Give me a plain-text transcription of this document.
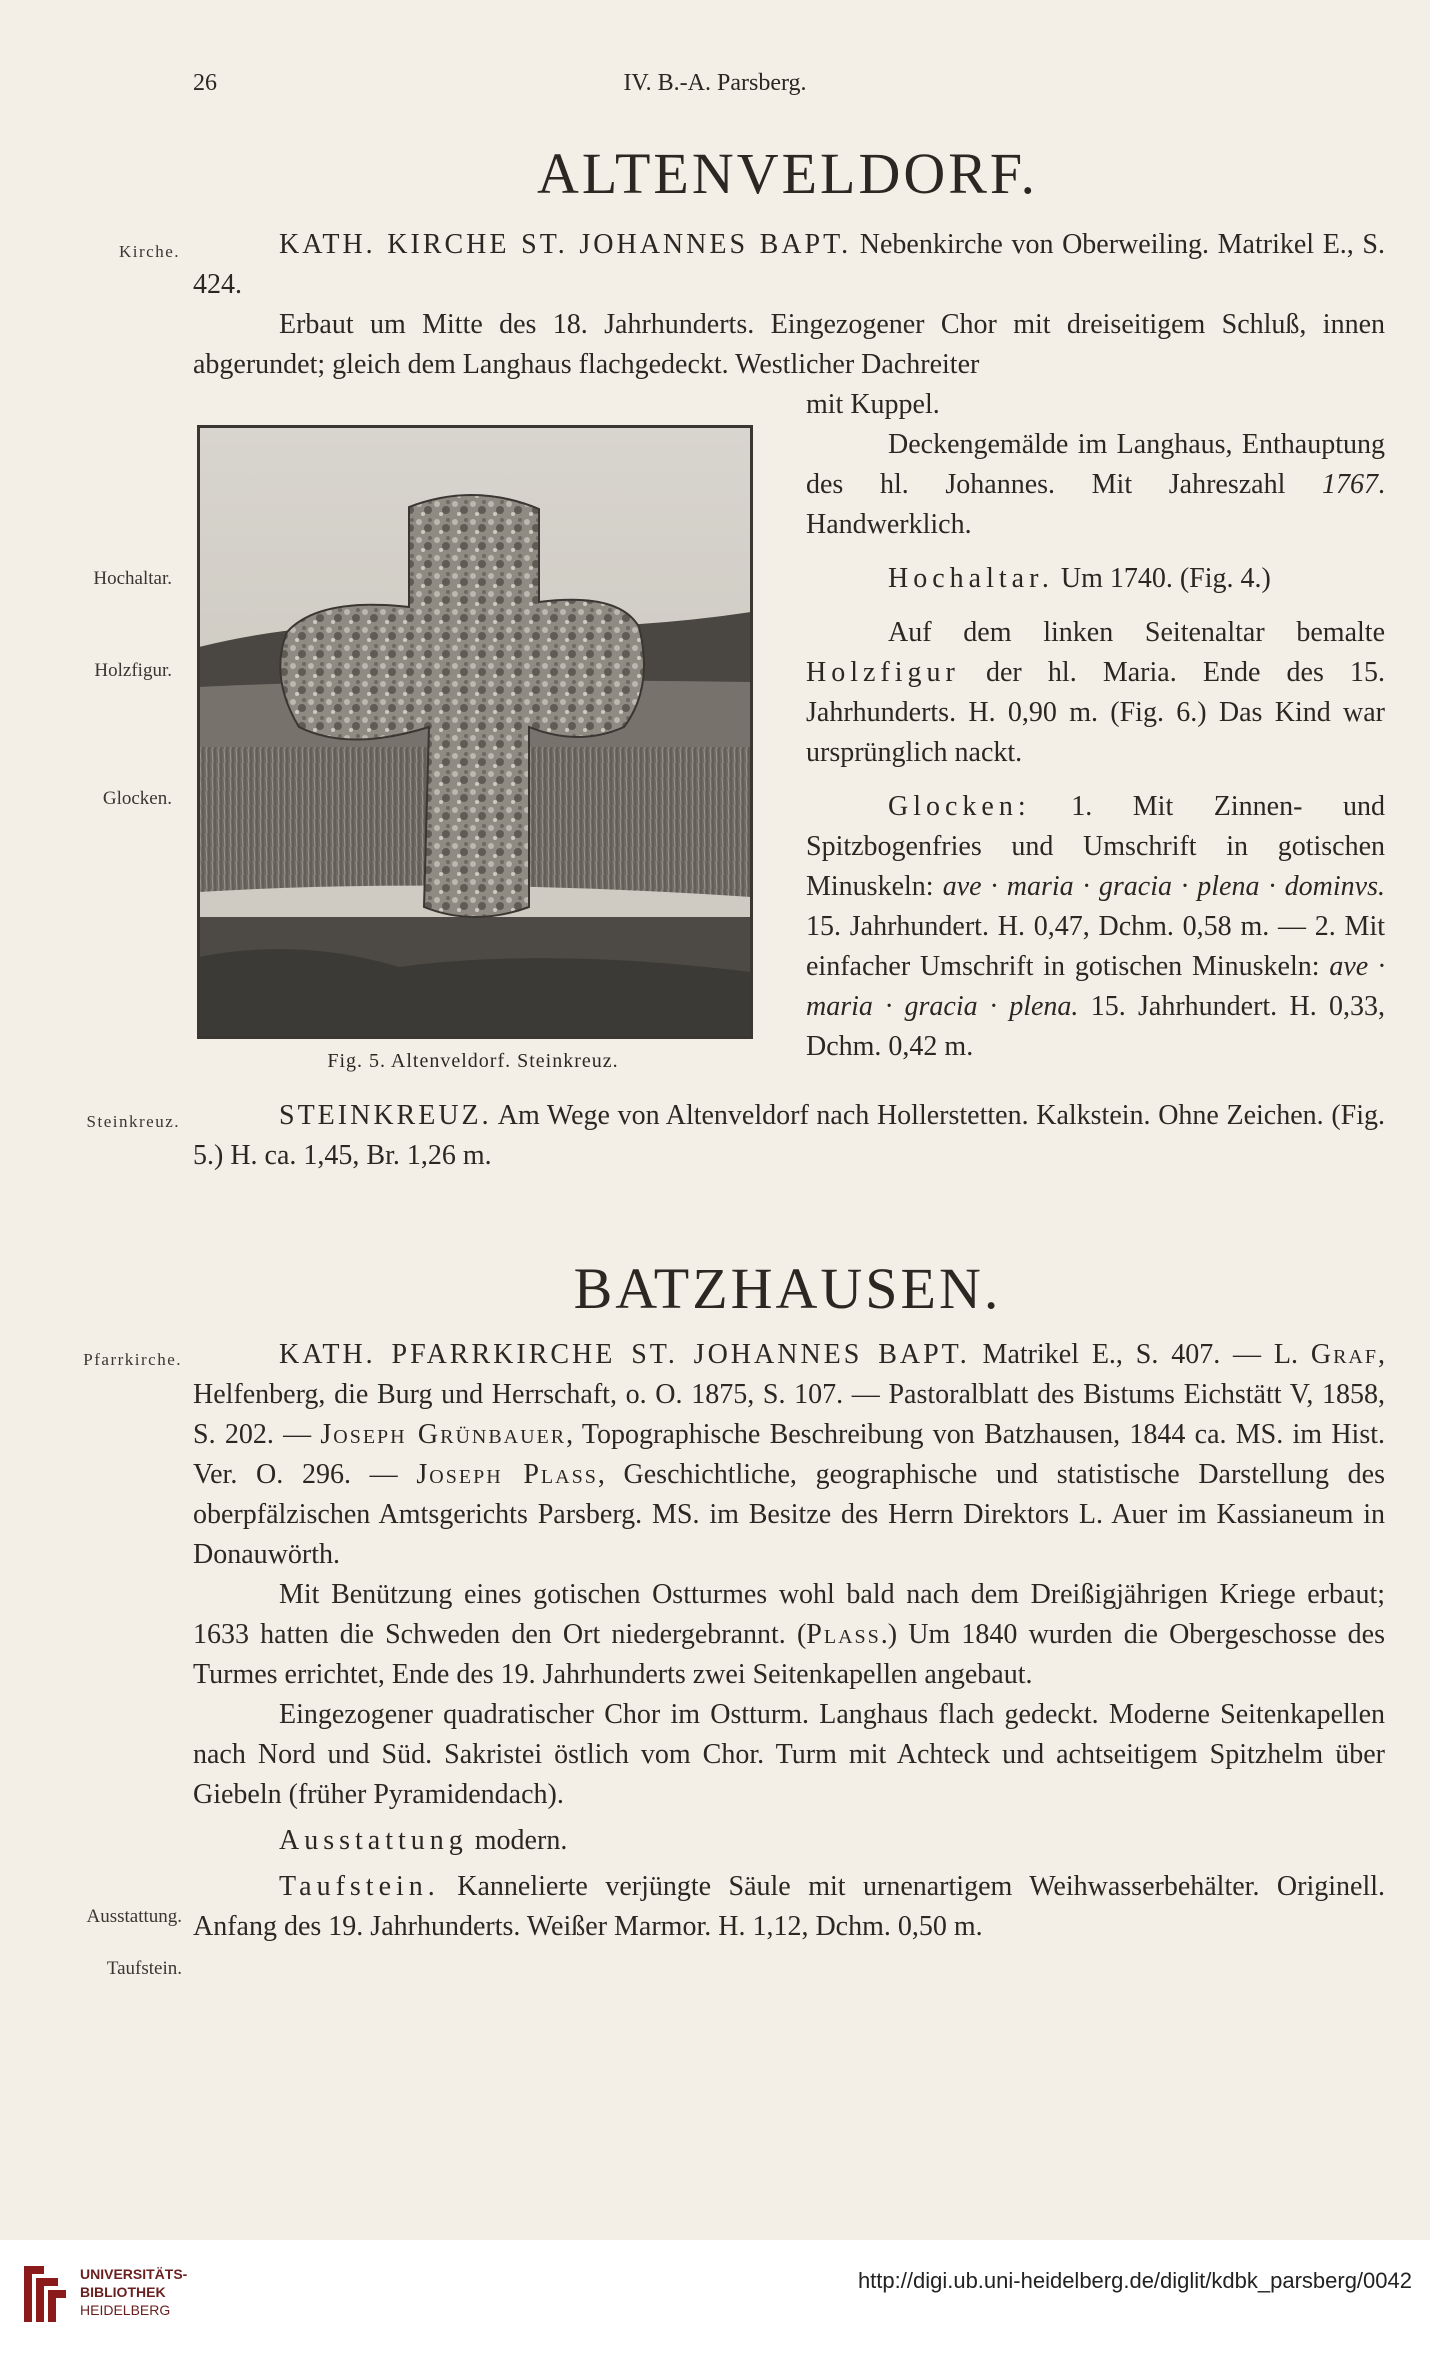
26	IV. B.-A. Parsberg.
ALTENVELDORF.
Kirche.
Hochaltar.
Holzfigur.
Glocken.
Steinkreuz.

KATH. KIRCHE ST. JOHANNES BAPT. Nebenkirche von Oberweiling. Matrikel E., S. 424.

Erbaut um Mitte des 18. Jahrhunderts. Eingezogener Chor mit dreiseitigem Schluß, innen abgerundet; gleich dem Langhaus flachgedeckt. Westlicher Dachreiter

mit Kuppel.
Fig. 5. Altenveldorf. Steinkreuz.

Deckengemälde im Langhaus, Enthauptung des hl. Johannes. Mit Jahreszahl 1767. Handwerklich.

Hochaltar. Um 1740. (Fig. 4.)

Auf dem linken Seitenaltar bemalte Holzfigur der hl. Maria. Ende des 15. Jahrhunderts. H. 0,90 m. (Fig. 6.) Das Kind war ursprünglich nackt.

Glocken: 1. Mit Zinnen- und Spitzbogenfries und Umschrift in gotischen Minuskeln: ave · maria · gracia · plena · dominvs. 15. Jahrhundert. H. 0,47, Dchm. 0,58 m. — 2. Mit einfacher Umschrift in gotischen Minuskeln: ave · maria · gracia · plena. 15. Jahrhundert. H. 0,33, Dchm. 0,42 m.

STEINKREUZ. Am Wege von Altenveldorf nach Hollerstetten. Kalkstein. Ohne Zeichen. (Fig. 5.) H. ca. 1,45, Br. 1,26 m.

BATZHAUSEN.
Pfarrkirche.
Ausstattung.
Taufstein.

KATH. PFARRKIRCHE ST. JOHANNES BAPT. Matrikel E., S. 407. — L. Graf, Helfenberg, die Burg und Herrschaft, o. O. 1875, S. 107. — Pastoralblatt des Bistums Eichstätt V, 1858, S. 202. — Joseph Grünbauer, Topographische Beschreibung von Batzhausen, 1844 ca. MS. im Hist. Ver. O. 296. — Joseph Plass, Geschichtliche, geographische und statistische Darstellung des oberpfälzischen Amtsgerichts Parsberg. MS. im Besitze des Herrn Direktors L. Auer im Kassianeum in Donauwörth.

Mit Benützung eines gotischen Ostturmes wohl bald nach dem Dreißigjährigen Kriege erbaut; 1633 hatten die Schweden den Ort niedergebrannt. (Plass.) Um 1840 wurden die Obergeschosse des Turmes errichtet, Ende des 19. Jahrhunderts zwei Seitenkapellen angebaut.

Eingezogener quadratischer Chor im Ostturm. Langhaus flach gedeckt. Moderne Seitenkapellen nach Nord und Süd. Sakristei östlich vom Chor. Turm mit Achteck und achtseitigem Spitzhelm über Giebeln (früher Pyramidendach).

Ausstattung modern.

Taufstein. Kannelierte verjüngte Säule mit urnenartigem Weihwasserbehälter. Originell. Anfang des 19. Jahrhunderts. Weißer Marmor. H. 1,12, Dchm. 0,50 m.

UNIVERSITÄTS-
BIBLIOTHEK
HEIDELBERG
http://digi.ub.uni-heidelberg.de/diglit/kdbk_parsberg/0042
